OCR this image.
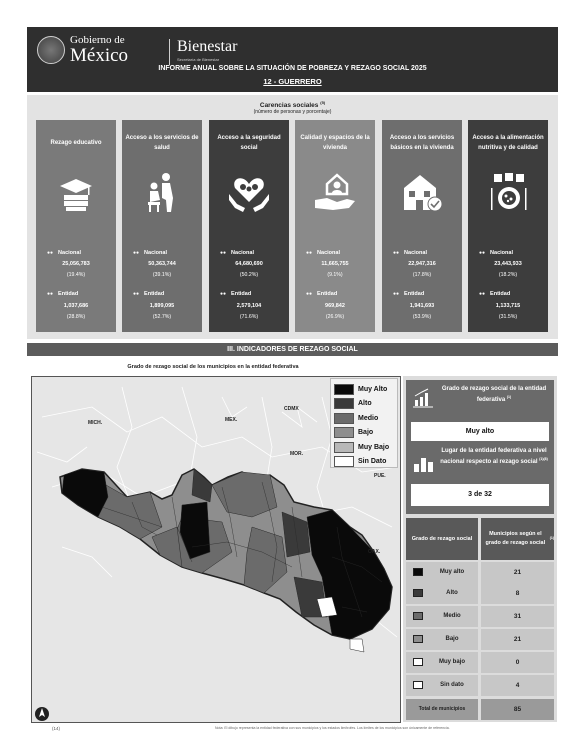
Gobierno de
México	Bienestar
Secretaría de Bienestar
INFORME ANUAL SOBRE LA SITUACIÓN DE POBREZA Y REZAGO SOCIAL 2025
12 - GUERRERO
Carencias sociales $^{(5)}$
(número de personas y porcentaje)
Rezago educativo
●● Nacional
25,056,783
(19.4%)
●● Entidad
1,037,686
(28.8%)
Acceso a los servicios de salud
●● Nacional
50,363,744
(39.1%)
●● Entidad
1,899,095
(52.7%)
Acceso a la seguridad social
●● Nacional
64,680,690
(50.2%)
●● Entidad
2,579,104
(71.6%)
Calidad y espacios de la vivienda
●● Nacional
11,665,755
(9.1%)
●● Entidad
969,842
(26.9%)
Acceso a los servicios básicos en la vivienda
●● Nacional
22,947,316
(17.8%)
●● Entidad
1,941,693
(53.9%)
Acceso a la alimentación nutritiva y de calidad
●● Nacional
23,443,933
(18.2%)
●● Entidad
1,133,715
(31.5%)
III. INDICADORES DE REZAGO SOCIAL
Grado de rezago social de los municipios en la entidad federativa
MICH.	MEX.
CDMX
MOR.
PUE.
OAX.
Muy Alto
Alto
Medio
Bajo
Muy Bajo
Sin Dato
Grado de rezago social de la entidad federativa $^{(1)}$
Muy alto
Lugar de la entidad federativa a nivel nacional respecto al rezago social $^{(1)(8)}$
3 de 32
Grado de rezago social
Municipios según el grado de rezago social
(1)
Muy alto	21
Alto	8
Medio	31
Bajo	21
Muy bajo	0
Sin dato	4
Total de municipios	85
(14)	Nota: El dibujo representa la entidad federativa con sus municipios y los estados limítrofes. Los límites de los municipios son únicamente de referencia.
